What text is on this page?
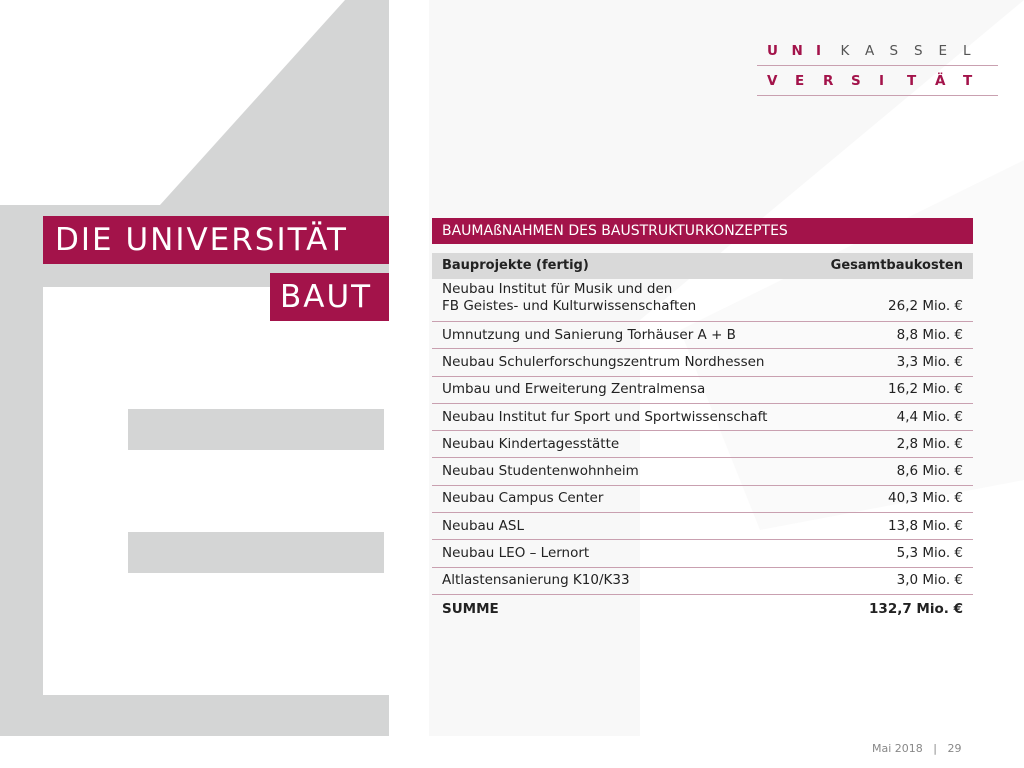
U	N I	K	A	S	S	E	L
V	E	R	S	I	T	Ä	T
DIE UNIVERSITÄT
BAUT
BAUMAßNAHMEN DES BAUSTRUKTURKONZEPTES
Bauprojekte (fertig)	Gesamtbaukosten
Neubau Institut für Musik und den
FB Geistes- und Kulturwissenschaften	26,2 Mio. €
Umnutzung und Sanierung Torhäuser A + B	8,8 Mio. €
Neubau Schulerforschungszentrum Nordhessen	3,3 Mio. €
Umbau und Erweiterung Zentralmensa	16,2 Mio. €
Neubau Institut fur Sport und Sportwissenschaft	4,4 Mio. €
Neubau Kindertagesstätte	2,8 Mio. €
Neubau Studentenwohnheim	8,6 Mio. €
Neubau Campus Center	40,3 Mio. €
Neubau ASL	13,8 Mio. €
Neubau LEO – Lernort	5,3 Mio. €
Altlastensanierung K10/K33	3,0 Mio. €
SUMME	132,7 Mio. €
Mai 2018 | 29
